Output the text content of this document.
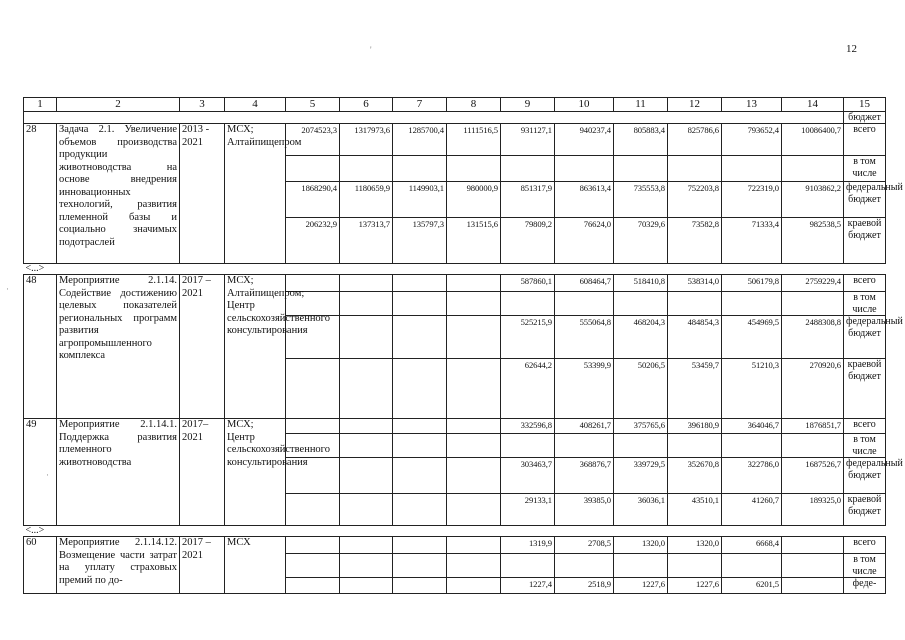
12
·
'
·
1	2	3	4	5	6	7	8	9	10	11	12	13	14	15
														бюджет
28	Задача 2.1. Увеличение объемов производства продукции животноводства на основе внедрения инновационных технологий, развития племенной базы и социально значимых подотраслей	2013 - 2021	МСХ; Алтайпищепром	2074523,3	1317973,6	1285700,4	1111516,5	931127,1	940237,4	805883,4	825786,6	793652,4	10086400,7	всего
														в том числе
				1868290,4	1180659,9	1149903,1	980000,9	851317,9	863613,4	735553,8	752203,8	722319,0	9103862,2	федеральный бюджет
				206232,9	137313,7	135797,3	131515,6	79809,2	76624,0	70329,6	73582,8	71333,4	982538,5	краевой бюджет
<...>														
48	Мероприятие 2.1.14. Содействие достижению целевых показателей региональных программ развития агропромышленного комплекса	2017 – 2021	МСХ; Алтайпищепром; Центр сельскохозяйственного консультирования					587860,1	608464,7	518410,8	538314,0	506179,8	2759229,4	всего
														в том числе
								525215,9	555064,8	468204,3	484854,3	454969,5	2488308,8	федеральный бюджет
								62644,2	53399,9	50206,5	53459,7	51210,3	270920,6	краевой бюджет
49	Мероприятие 2.1.14.1. Поддержка развития племенного животноводства	2017– 2021	МСХ; Центр сельскохозяйственного консультирования					332596,8	408261,7	375765,6	396180,9	364046,7	1876851,7	всего
														в том числе
								303463,7	368876,7	339729,5	352670,8	322786,0	1687526,7	федеральный бюджет
								29133,1	39385,0	36036,1	43510,1	41260,7	189325,0	краевой бюджет
<...>														
60	Мероприятие 2.1.14.12. Возмещение части затрат на уплату страховых премий по до-	2017 – 2021	МСХ					1319,9	2708,5	1320,0	1320,0	6668,4		всего
														в том числе
								1227,4	2518,9	1227,6	1227,6	6201,5		феде-
